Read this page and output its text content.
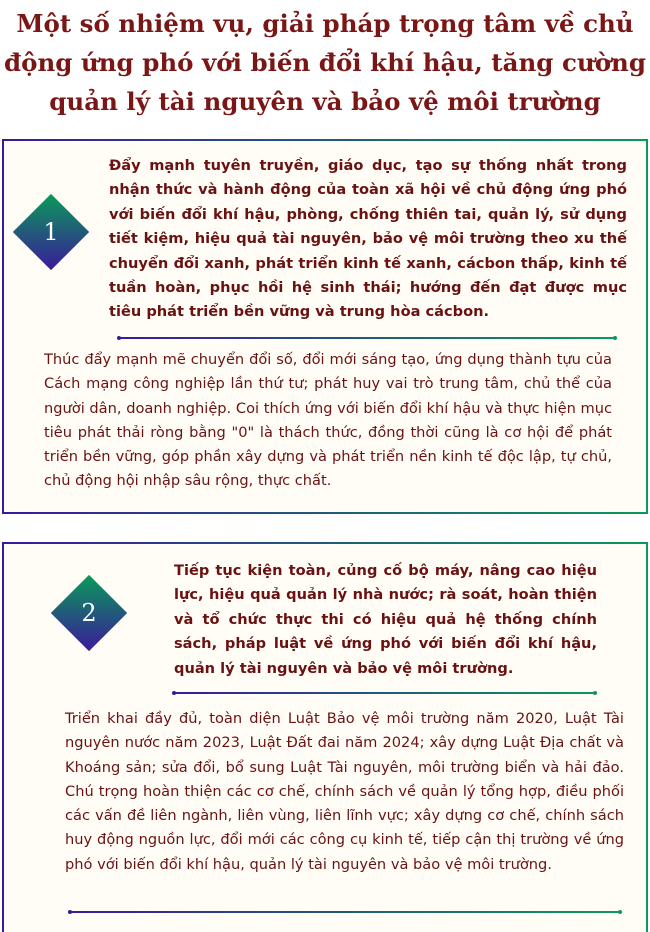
Một số nhiệm vụ, giải pháp trọng tâm về chủ động ứng phó với biến đổi khí hậu, tăng cường quản lý tài nguyên và bảo vệ môi trường
1
Đẩy mạnh tuyên truyền, giáo dục, tạo sự thống nhất trong nhận thức và hành động của toàn xã hội về chủ động ứng phó với biến đổi khí hậu, phòng, chống thiên tai, quản lý, sử dụng tiết kiệm, hiệu quả tài nguyên, bảo vệ môi trường theo xu thế chuyển đổi xanh, phát triển kinh tế xanh, cácbon thấp, kinh tế tuần hoàn, phục hồi hệ sinh thái; hướng đến đạt được mục tiêu phát triển bền vững và trung hòa cácbon.
Thúc đẩy mạnh mẽ chuyển đổi số, đổi mới sáng tạo, ứng dụng thành tựu của Cách mạng công nghiệp lần thứ tư; phát huy vai trò trung tâm, chủ thể của người dân, doanh nghiệp. Coi thích ứng với biến đổi khí hậu và thực hiện mục tiêu phát thải ròng bằng "0" là thách thức, đồng thời cũng là cơ hội để phát triển bền vững, góp phần xây dựng và phát triển nền kinh tế độc lập, tự chủ, chủ động hội nhập sâu rộng, thực chất.
2
Tiếp tục kiện toàn, củng cố bộ máy, nâng cao hiệu lực, hiệu quả quản lý nhà nước; rà soát, hoàn thiện và tổ chức thực thi có hiệu quả hệ thống chính sách, pháp luật về ứng phó với biến đổi khí hậu, quản lý tài nguyên và bảo vệ môi trường.
Triển khai đầy đủ, toàn diện Luật Bảo vệ môi trường năm 2020, Luật Tài nguyên nước năm 2023, Luật Đất đai năm 2024; xây dựng Luật Địa chất và Khoáng sản; sửa đổi, bổ sung Luật Tài nguyên, môi trường biển và hải đảo. Chú trọng hoàn thiện các cơ chế, chính sách về quản lý tổng hợp, điều phối các vấn đề liên ngành, liên vùng, liên lĩnh vực; xây dựng cơ chế, chính sách huy động nguồn lực, đổi mới các công cụ kinh tế, tiếp cận thị trường về ứng phó với biến đổi khí hậu, quản lý tài nguyên và bảo vệ môi trường.
